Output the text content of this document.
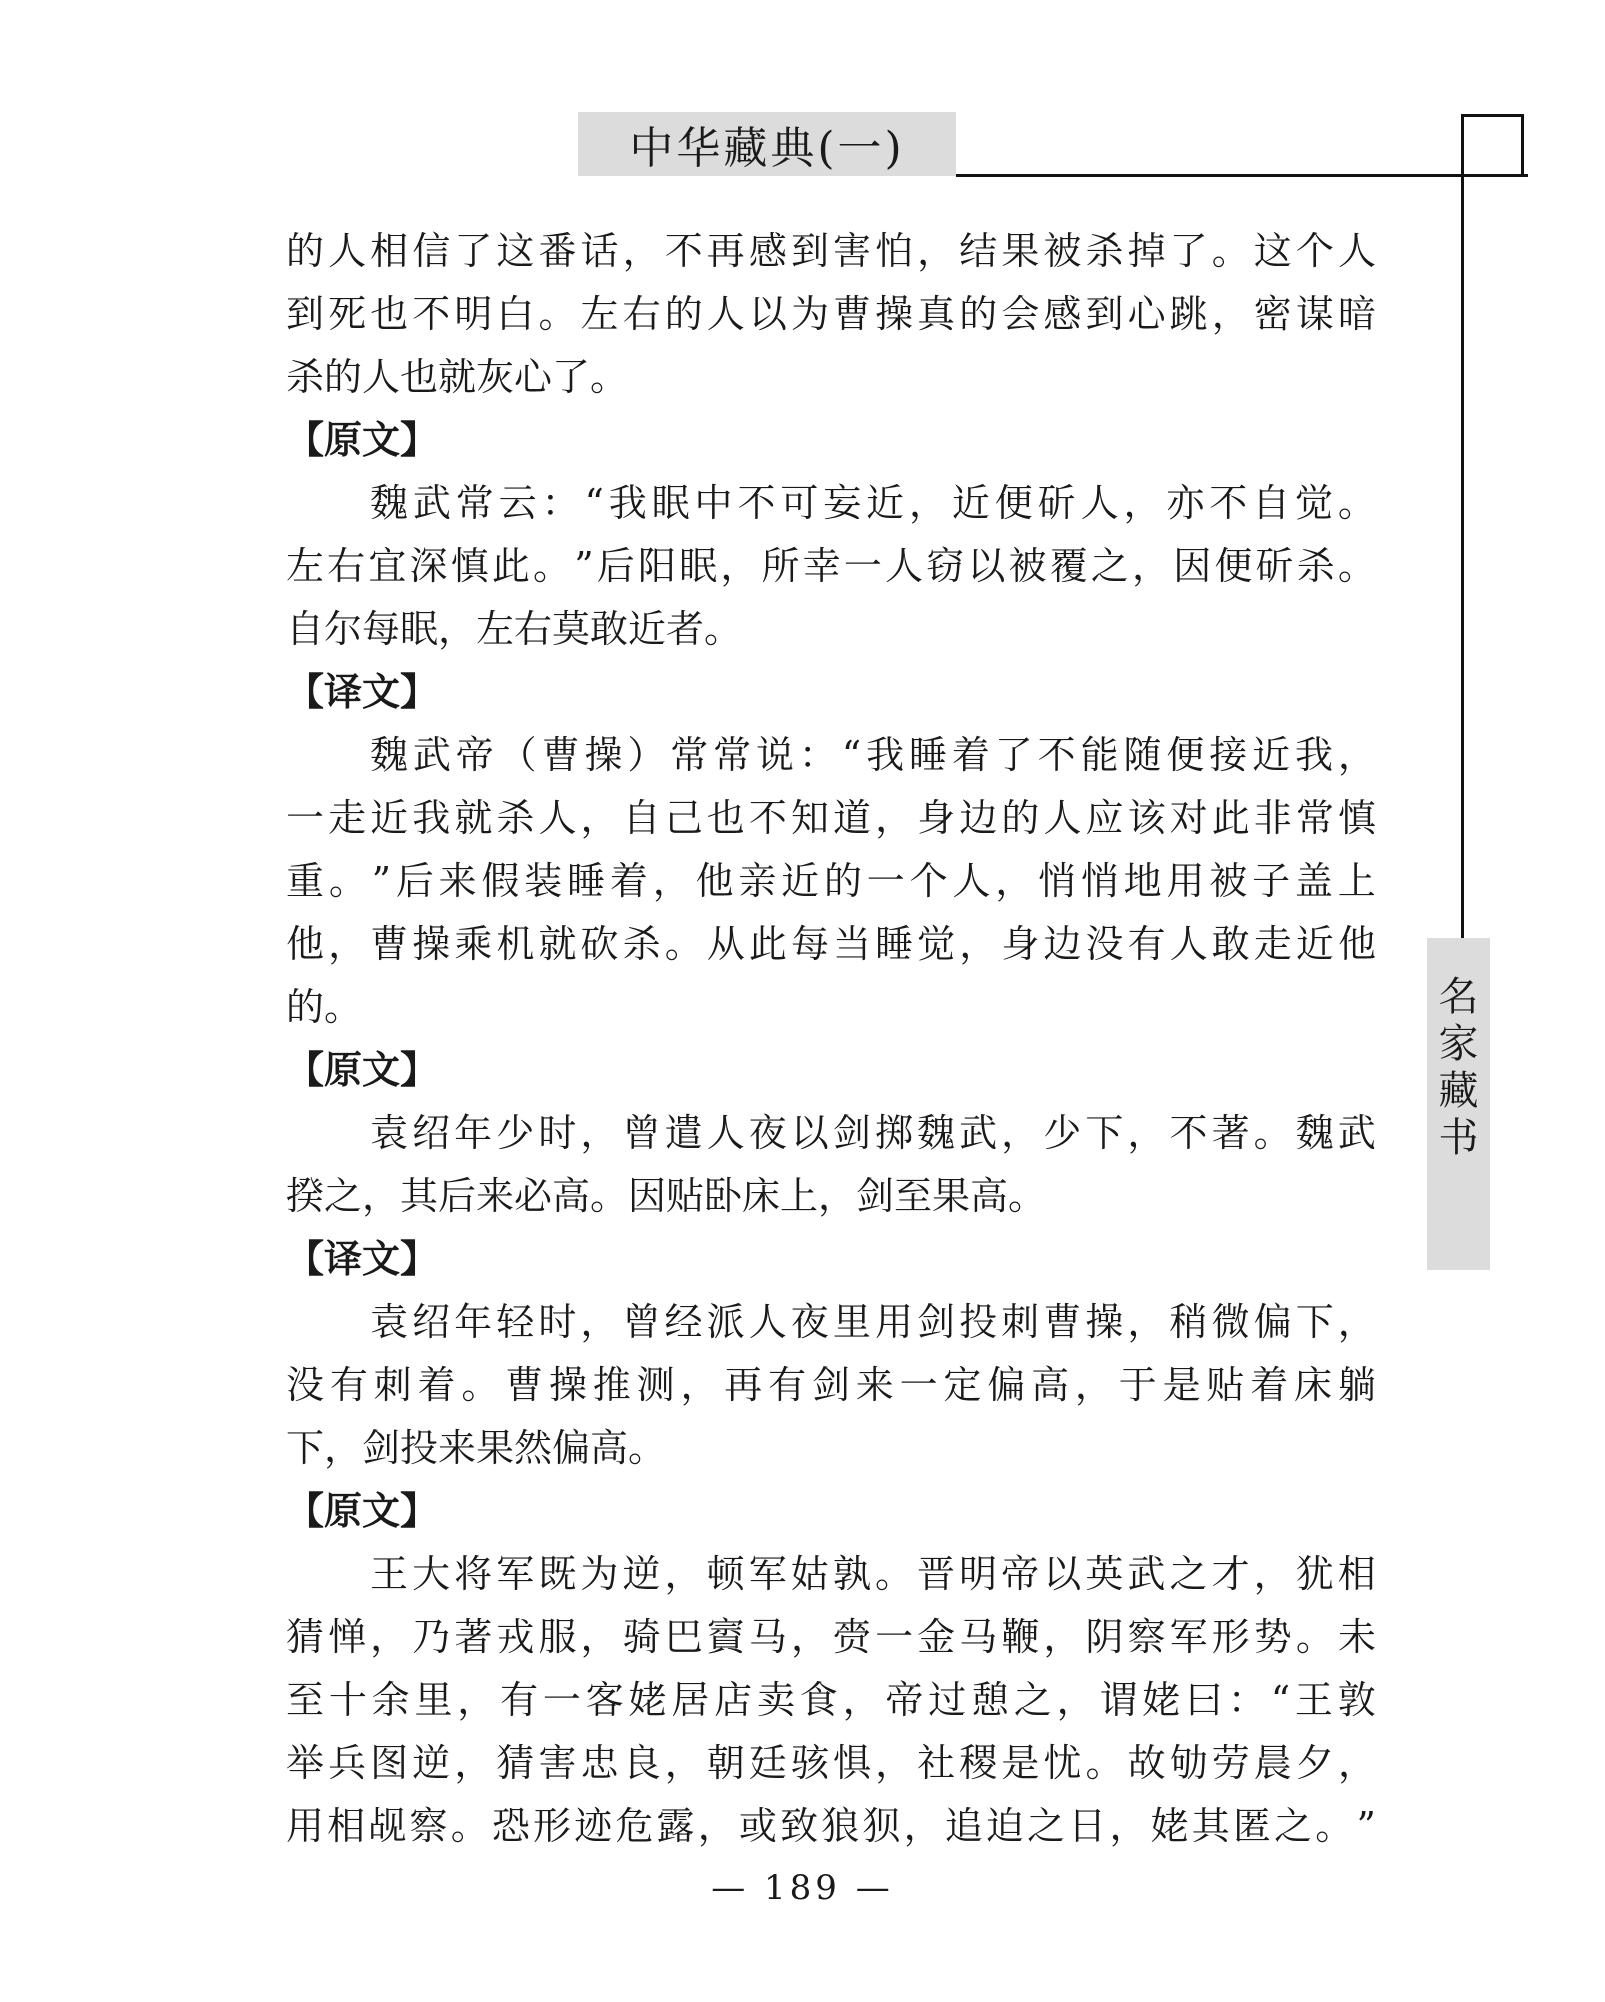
中华藏典(一)
名
家
藏
书
的 人 相 信 了 这 番 话 ， 不 再 感 到 害 怕 ， 结 果 被 杀 掉 了 。 这 个 人
到 死 也 不 明 白 。 左 右 的 人 以 为 曹 操 真 的 会 感 到 心 跳 ， 密 谋 暗
杀的人也就灰心了。
【原文】
魏 武 常 云 ： “ 我 眠 中 不 可 妄 近 ， 近 便 斫 人 ， 亦 不 自 觉 。
左 右 宜 深 慎 此 。 ” 后 阳 眠 ， 所 幸 一 人 窃 以 被 覆 之 ， 因 便 斫 杀 。
自尔每眠，左右莫敢近者。
【译文】
魏 武 帝 （ 曹 操 ） 常 常 说 ： “ 我 睡 着 了 不 能 随 便 接 近 我 ，
一 走 近 我 就 杀 人 ， 自 己 也 不 知 道 ， 身 边 的 人 应 该 对 此 非 常 慎
重 。 ” 后 来 假 装 睡 着 ， 他 亲 近 的 一 个 人 ， 悄 悄 地 用 被 子 盖 上
他 ， 曹 操 乘 机 就 砍 杀 。 从 此 每 当 睡 觉 ， 身 边 没 有 人 敢 走 近 他
的。
【原文】
袁 绍 年 少 时 ， 曾 遣 人 夜 以 剑 掷 魏 武 ， 少 下 ， 不 著 。 魏 武
揆之，其后来必高。因贴卧床上，剑至果高。
【译文】
袁 绍 年 轻 时 ， 曾 经 派 人 夜 里 用 剑 投 刺 曹 操 ， 稍 微 偏 下 ，
没 有 刺 着 。 曹 操 推 测 ， 再 有 剑 来 一 定 偏 高 ， 于 是 贴 着 床 躺
下，剑投来果然偏高。
【原文】
王 大 将 军 既 为 逆 ， 顿 军 姑 孰 。 晋 明 帝 以 英 武 之 才 ， 犹 相
猜 惮 ， 乃 著 戎 服 ， 骑 巴 賨 马 ， 赍 一 金 马 鞭 ， 阴 察 军 形 势 。 未
至 十 余 里 ， 有 一 客 姥 居 店 卖 食 ， 帝 过 憩 之 ， 谓 姥 曰 ： “ 王 敦
举 兵 图 逆 ， 猜 害 忠 良 ， 朝 廷 骇 惧 ， 社 稷 是 忧 。 故 劬 劳 晨 夕 ，
用 相 觇 察 。 恐 形 迹 危 露 ， 或 致 狼 狈 ， 追 迫 之 日 ， 姥 其 匿 之 。 ”
— 189 —
